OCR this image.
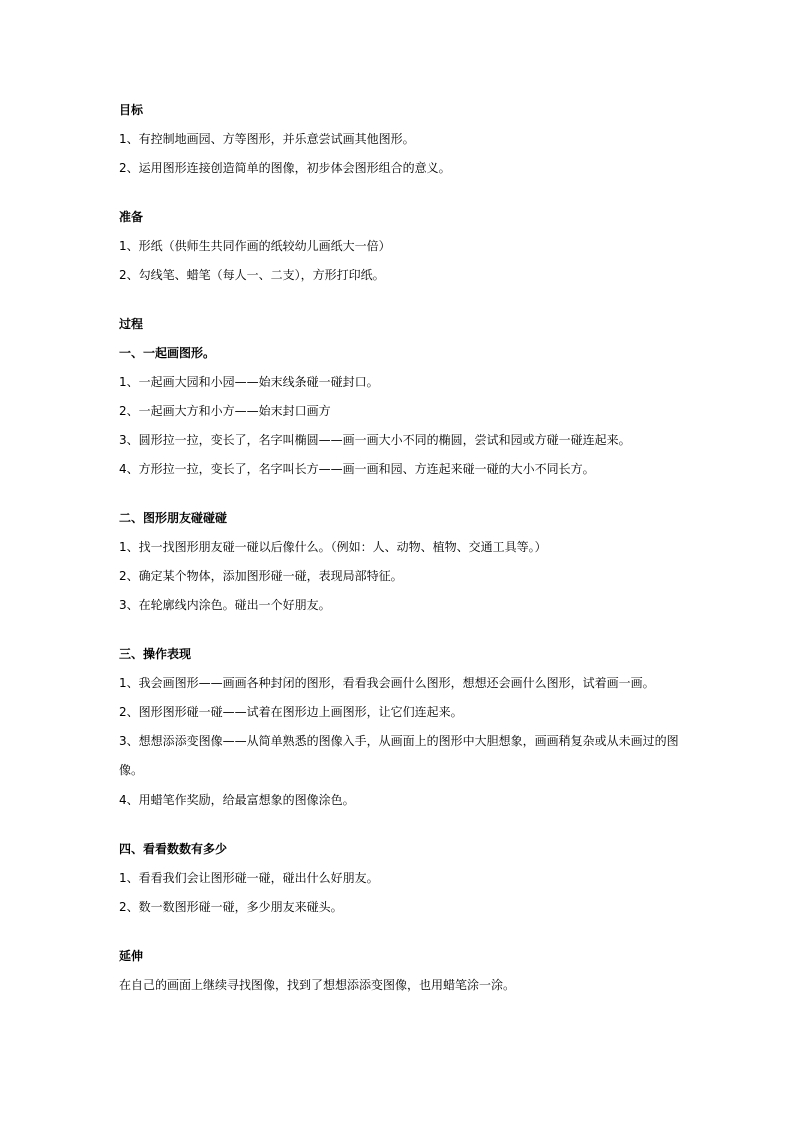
目标
1、有控制地画园、方等图形，并乐意尝试画其他图形。
2、运用图形连接创造简单的图像，初步体会图形组合的意义。
准备
1、形纸（供师生共同作画的纸较幼儿画纸大一倍）
2、勾线笔、蜡笔（每人一、二支），方形打印纸。
过程
一、一起画图形。
1、一起画大园和小园——始末线条碰一碰封口。
2、一起画大方和小方——始末封口画方
3、圆形拉一拉，变长了，名字叫椭圆——画一画大小不同的椭圆，尝试和园或方碰一碰连起来。
4、方形拉一拉，变长了，名字叫长方——画一画和园、方连起来碰一碰的大小不同长方。
二、图形朋友碰碰碰
1、找一找图形朋友碰一碰以后像什么。（例如：人、动物、植物、交通工具等。）
2、确定某个物体，添加图形碰一碰，表现局部特征。
3、在轮廓线内涂色。碰出一个好朋友。
三、操作表现
1、我会画图形——画画各种封闭的图形，看看我会画什么图形，想想还会画什么图形，试着画一画。
2、图形图形碰一碰——试着在图形边上画图形，让它们连起来。
3、想想添添变图像——从简单熟悉的图像入手，从画面上的图形中大胆想象，画画稍复杂或从未画过的图像。
4、用蜡笔作奖励，给最富想象的图像涂色。
四、看看数数有多少
1、看看我们会让图形碰一碰，碰出什么好朋友。
2、数一数图形碰一碰，多少朋友来碰头。
延伸
在自己的画面上继续寻找图像，找到了想想添添变图像，也用蜡笔涂一涂。
